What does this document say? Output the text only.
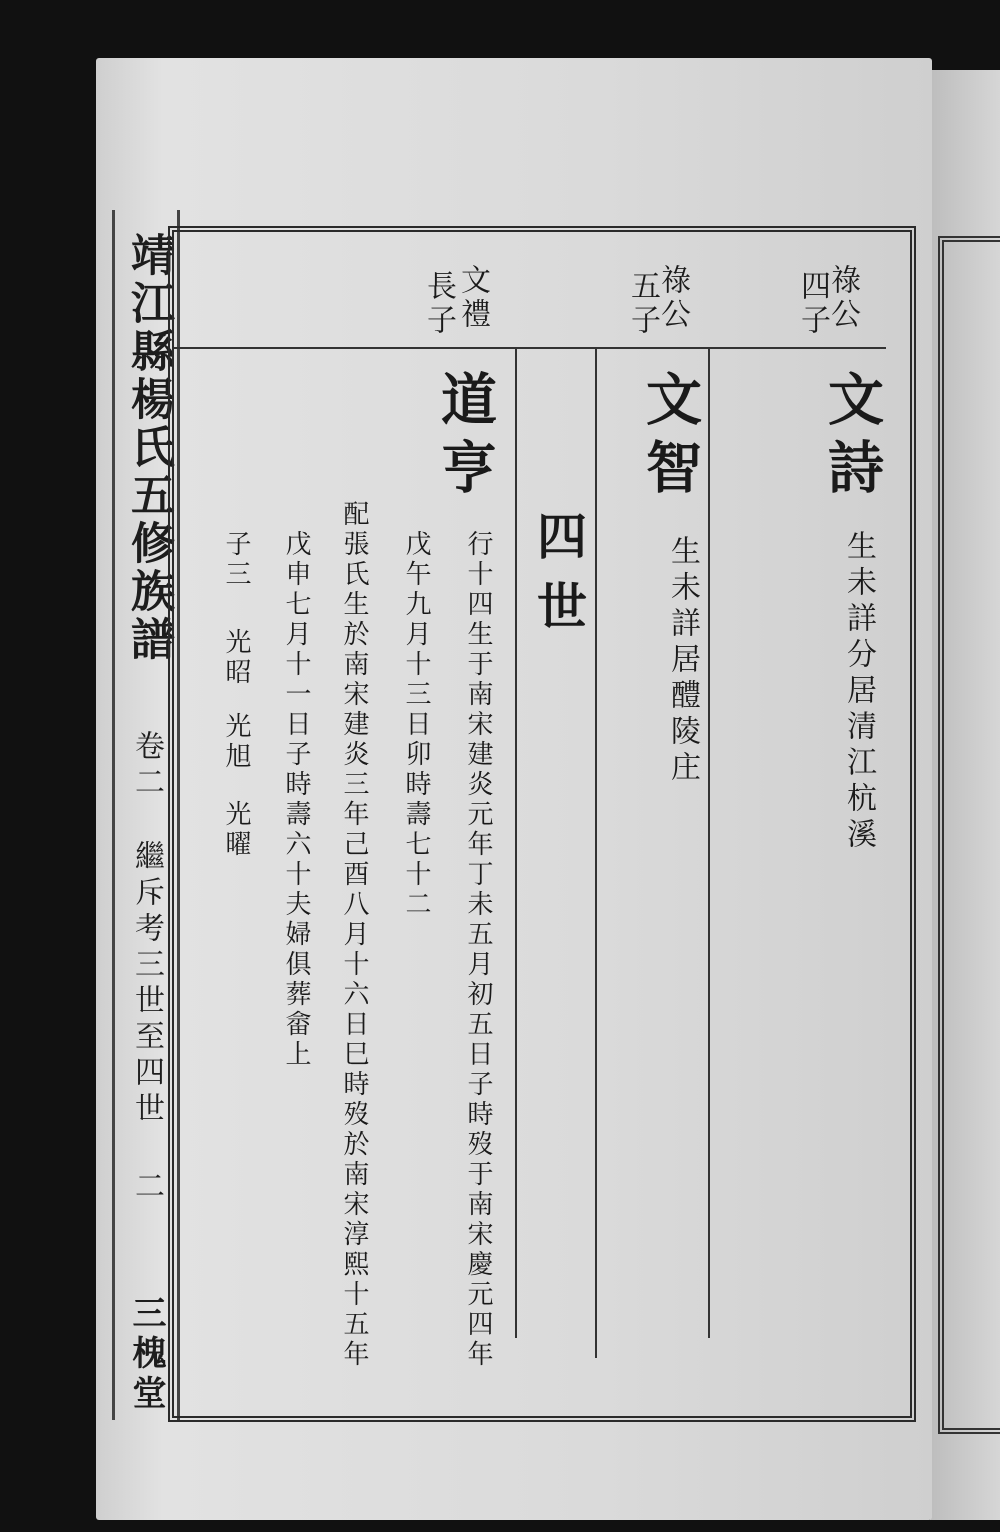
靖江縣楊氏五修族譜
卷二
繼斥考三世至四世
二
三槐堂
祿公
四子
祿公
五子
文禮
長子
文詩
生未詳分居清江杭溪
文智
生未詳居醴陵庄
四世
道亨
行十四生于南宋建炎元年丁未五月初五日子時歿于南宋慶元四年
戊午九月十三日卯時壽七十二
配張氏生於南宋建炎三年己酉八月十六日巳時歿於南宋淳熙十五年
戊申七月十一日子時壽六十夫婦俱葬畲上
子三
光昭
光旭
光曜
